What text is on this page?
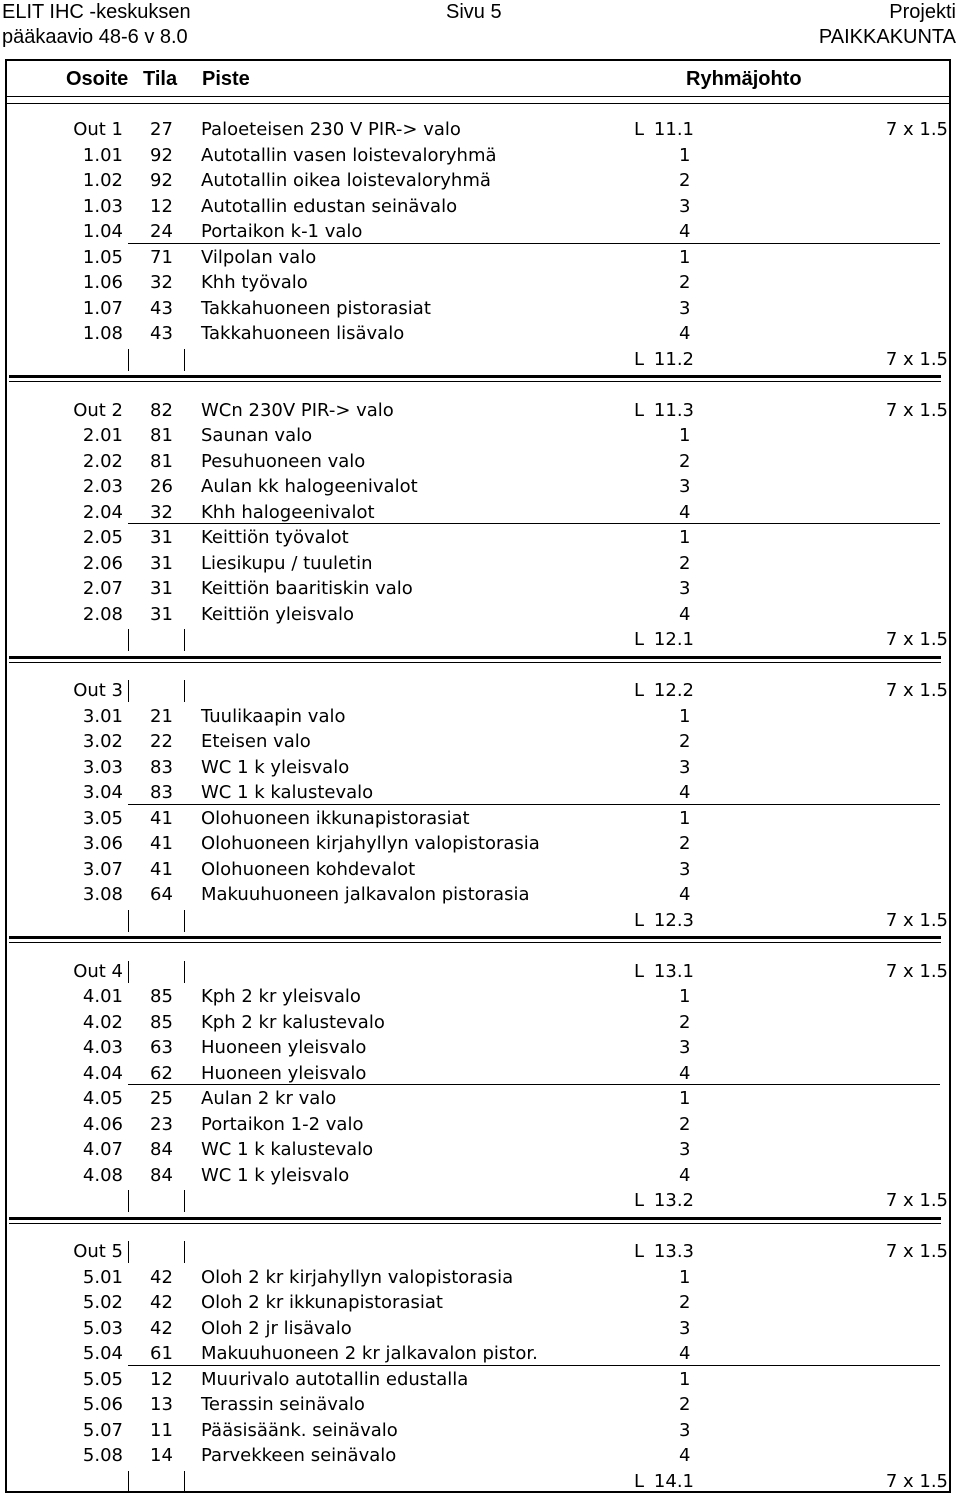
ELIT IHC -keskuksen
pääkaavio 48-6 v 8.0
Sivu 5	Projekti
PAIKKAKUNTA
Osoite Tila Piste	Ryhmäjohto
Out 1 27 Paloeteisen 230 V PIR-> valo	L 11.1	7 x 1.5
1.01 92 Autotallin vasen loistevaloryhmä	1
1.02 92 Autotallin oikea loistevaloryhmä	2
1.03 12 Autotallin edustan seinävalo	3
1.04 24 Portaikon k-1 valo	4
1.05 71 Vilpolan valo	1
1.06 32 Khh työvalo	2
1.07 43 Takkahuoneen pistorasiat	3
1.08 43 Takkahuoneen lisävalo	4
L 11.2	7 x 1.5
Out 2 82 WCn 230V PIR-> valo	L 11.3	7 x 1.5
2.01 81 Saunan valo	1
2.02 81 Pesuhuoneen valo	2
2.03 26 Aulan kk halogeenivalot	3
2.04 32 Khh halogeenivalot	4
2.05 31 Keittiön työvalot	1
2.06 31 Liesikupu / tuuletin	2
2.07 31 Keittiön baaritiskin valo	3
2.08 31 Keittiön yleisvalo	4
L 12.1	7 x 1.5
Out 3	L 12.2	7 x 1.5
3.01 21 Tuulikaapin valo	1
3.02 22 Eteisen valo	2
3.03 83 WC 1 k yleisvalo	3
3.04 83 WC 1 k kalustevalo	4
3.05 41 Olohuoneen ikkunapistorasiat	1
3.06 41 Olohuoneen kirjahyllyn valopistorasia	2
3.07 41 Olohuoneen kohdevalot	3
3.08 64 Makuuhuoneen jalkavalon pistorasia	4
L 12.3	7 x 1.5
Out 4	L 13.1	7 x 1.5
4.01 85 Kph 2 kr yleisvalo	1
4.02 85 Kph 2 kr kalustevalo	2
4.03 63 Huoneen yleisvalo	3
4.04 62 Huoneen yleisvalo	4
4.05 25 Aulan 2 kr valo	1
4.06 23 Portaikon 1-2 valo	2
4.07 84 WC 1 k kalustevalo	3
4.08 84 WC 1 k yleisvalo	4
L 13.2	7 x 1.5
Out 5	L 13.3	7 x 1.5
5.01 42 Oloh 2 kr kirjahyllyn valopistorasia	1
5.02 42 Oloh 2 kr ikkunapistorasiat	2
5.03 42 Oloh 2 jr lisävalo	3
5.04 61 Makuuhuoneen 2 kr jalkavalon pistor.	4
5.05 12 Muurivalo autotallin edustalla	1
5.06 13 Terassin seinävalo	2
5.07 11 Pääsisäänk. seinävalo	3
5.08 14 Parvekkeen seinävalo	4
L 14.1	7 x 1.5
